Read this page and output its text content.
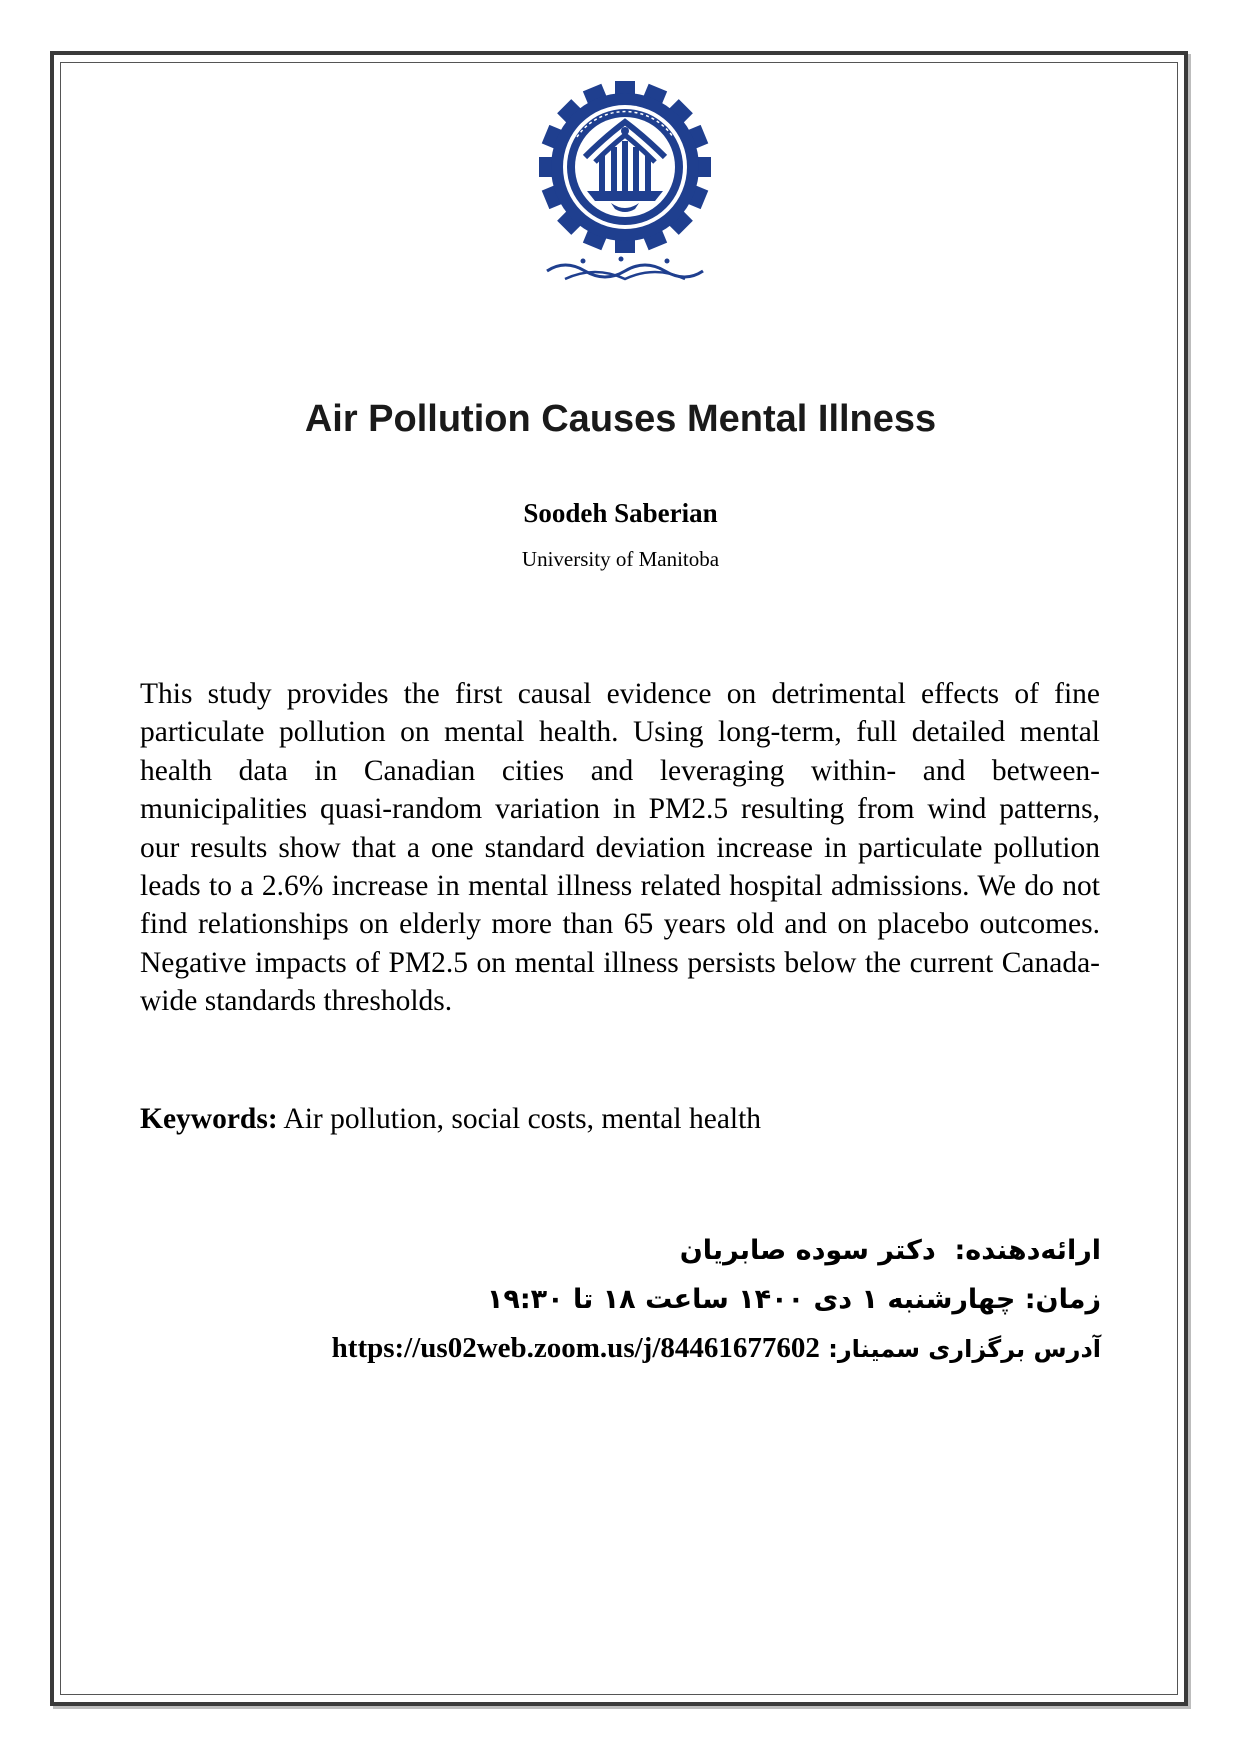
Air Pollution Causes Mental Illness
Soodeh Saberian
University of Manitoba

This study provides the first causal evidence on detrimental effects of fine particulate pollution on mental health. Using long-term, full detailed mental health data in Canadian cities and leveraging within- and between- municipalities quasi-random variation in PM2.5 resulting from wind patterns, our results show that a one standard deviation increase in particulate pollution leads to a 2.6% increase in mental illness related hospital admissions. We do not find relationships on elderly more than 65 years old and on placebo outcomes. Negative impacts of PM2.5 on mental illness persists below the current Canada-wide standards thresholds.

Keywords: Air pollution, social costs, mental health

ارائه‌دهنده:  دکتر سوده صابریان
زمان: چهارشنبه ۱ دی ۱۴۰۰ ساعت ۱۸ تا ۱۹:۳۰
آدرس برگزاری سمینار: https://us02web.zoom.us/j/84461677602
